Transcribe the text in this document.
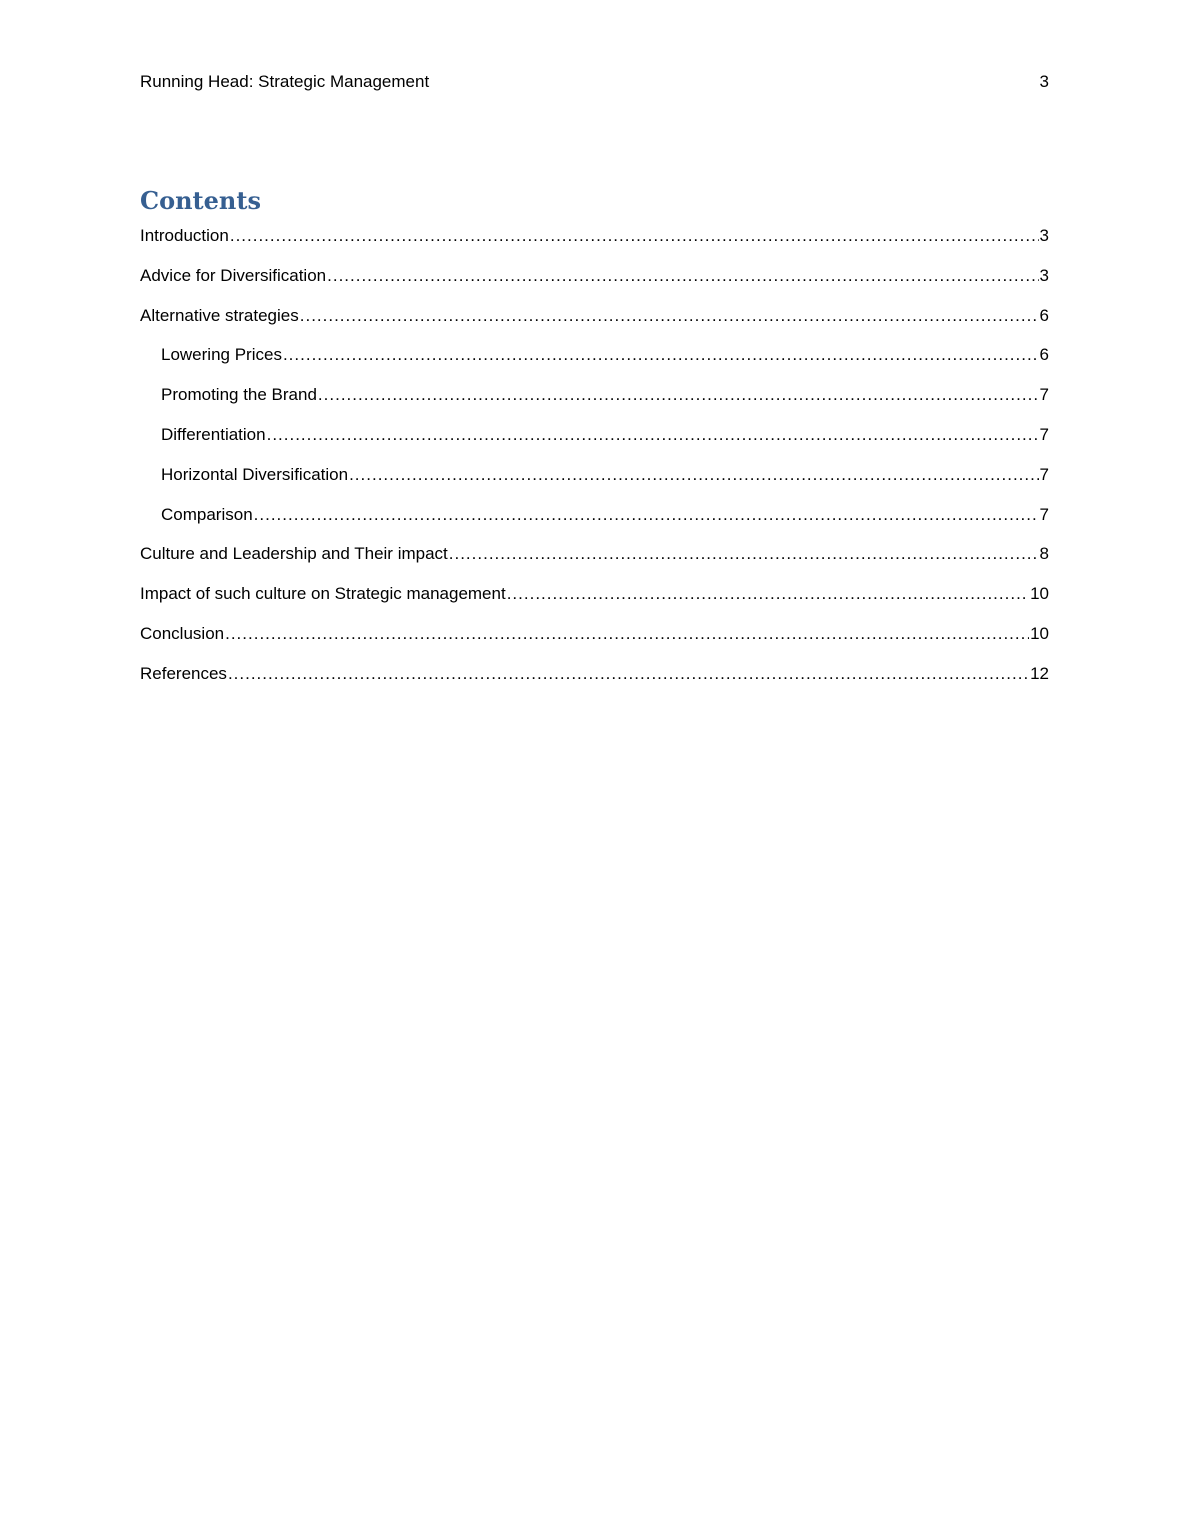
Running Head: Strategic Management	3
Contents
Introduction .....	3
Advice for Diversification .....	3
Alternative strategies .....	6
Lowering Prices .....	6
Promoting the Brand .....	7
Differentiation .....	7
Horizontal Diversification .....	7
Comparison .....	7
Culture and Leadership and Their impact .....	8
Impact of such culture on Strategic management .....	10
Conclusion .....	10
References .....	12
